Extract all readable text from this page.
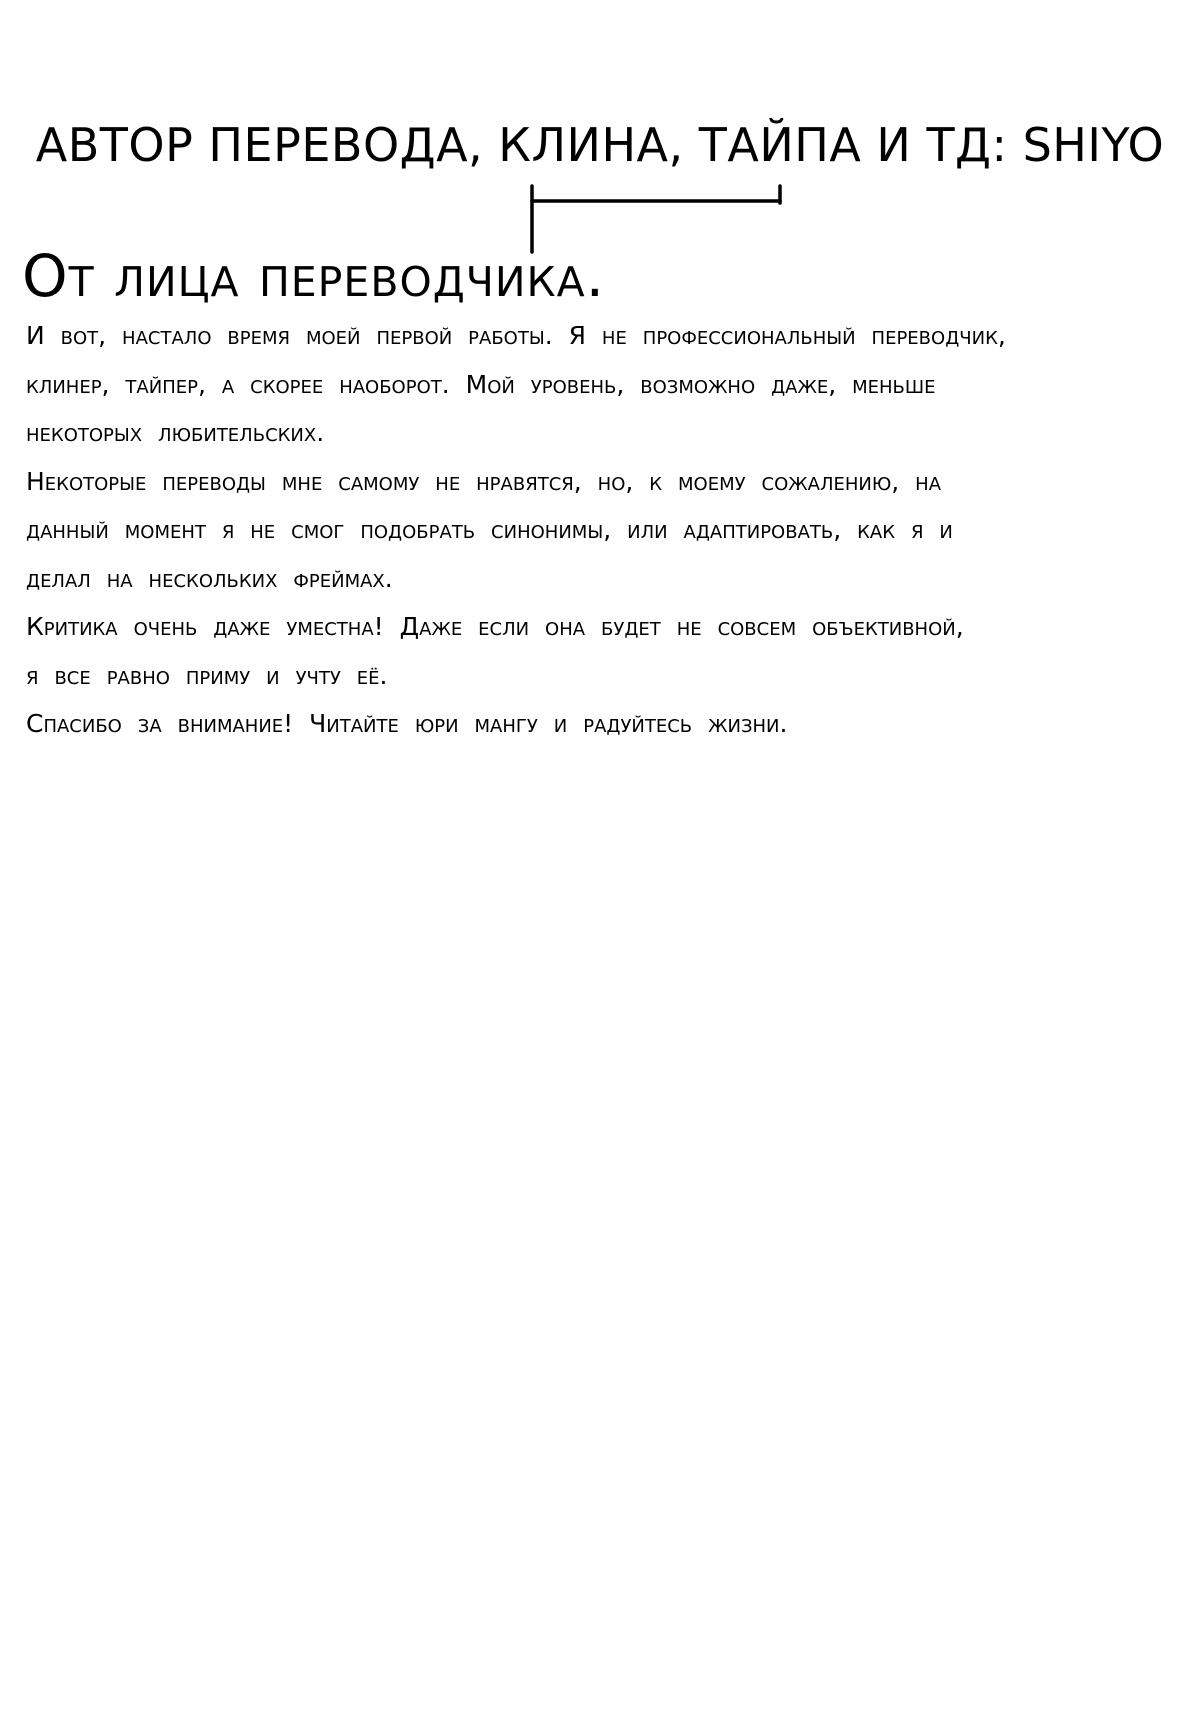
АВТОР ПЕРЕВОДА, КЛИНА, ТАЙПА И ТД: SHIYO
От лица переводчика.

И вот, настало время моей первой работы. Я не профессиональный переводчик,
клинер, тайпер, а скорее наоборот. Мой уровень, возможно даже, меньше
некоторых любительских.

Некоторые переводы мне самому не нравятся, но, к моему сожалению, на
данный момент я не смог подобрать синонимы, или адаптировать, как я и
делал на нескольких фреймах.

Критика очень даже уместна! Даже если она будет не совсем объективной,
я все равно приму и учту её.

Спасибо за внимание! Читайте юри мангу и радуйтесь жизни.
